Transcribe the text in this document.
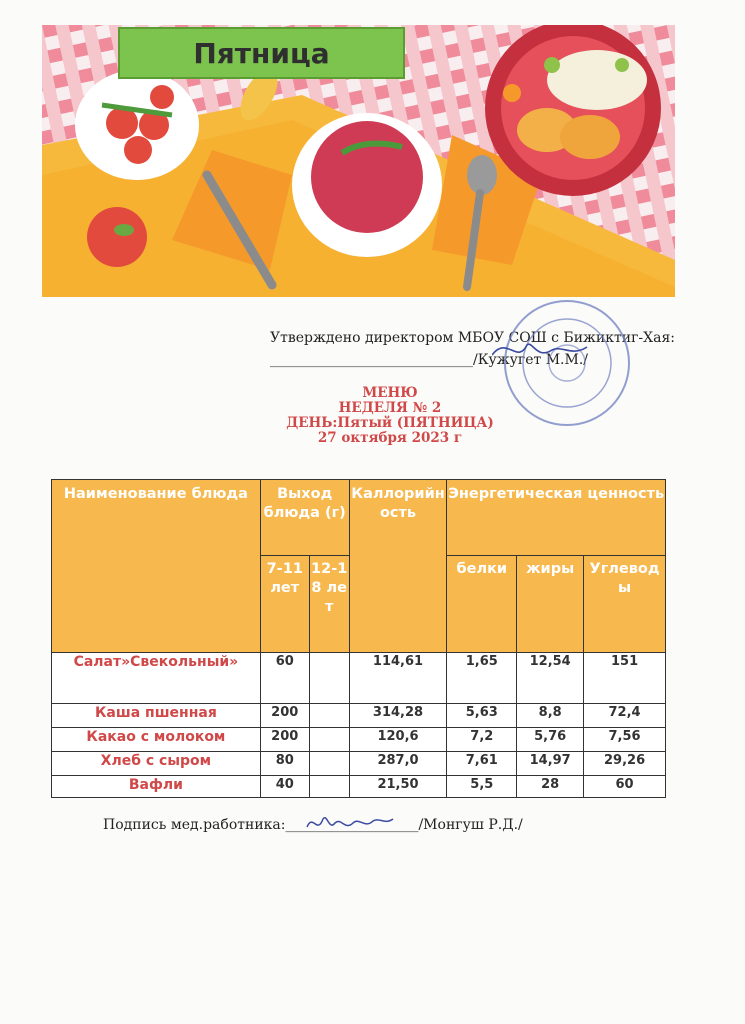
Пятница
Утверждено директором МБОУ СОШ с Бижиктиг-Хая:
_____________________________/Кужугет М.М./
МЕНЮ
НЕДЕЛЯ № 2
ДЕНЬ:Пятый (ПЯТНИЦА)
27 октября 2023 г
Наименование блюда	Выход блюда (г)		Каллорийность	Энергетическая ценность		
	7-11 лет	12-18 лет		белки	жиры	Углеводы
Салат»Свекольный»	60		114,61	1,65	12,54	151
Каша пшенная	200		314,28	5,63	8,8	72,4
Какао с молоком	200		120,6	7,2	5,76	7,56
Хлеб с сыром	80		287,0	7,61	14,97	29,26
Вафли	40		21,50	5,5	28	60
Подпись мед.работника:___________________/Монгуш Р.Д./
